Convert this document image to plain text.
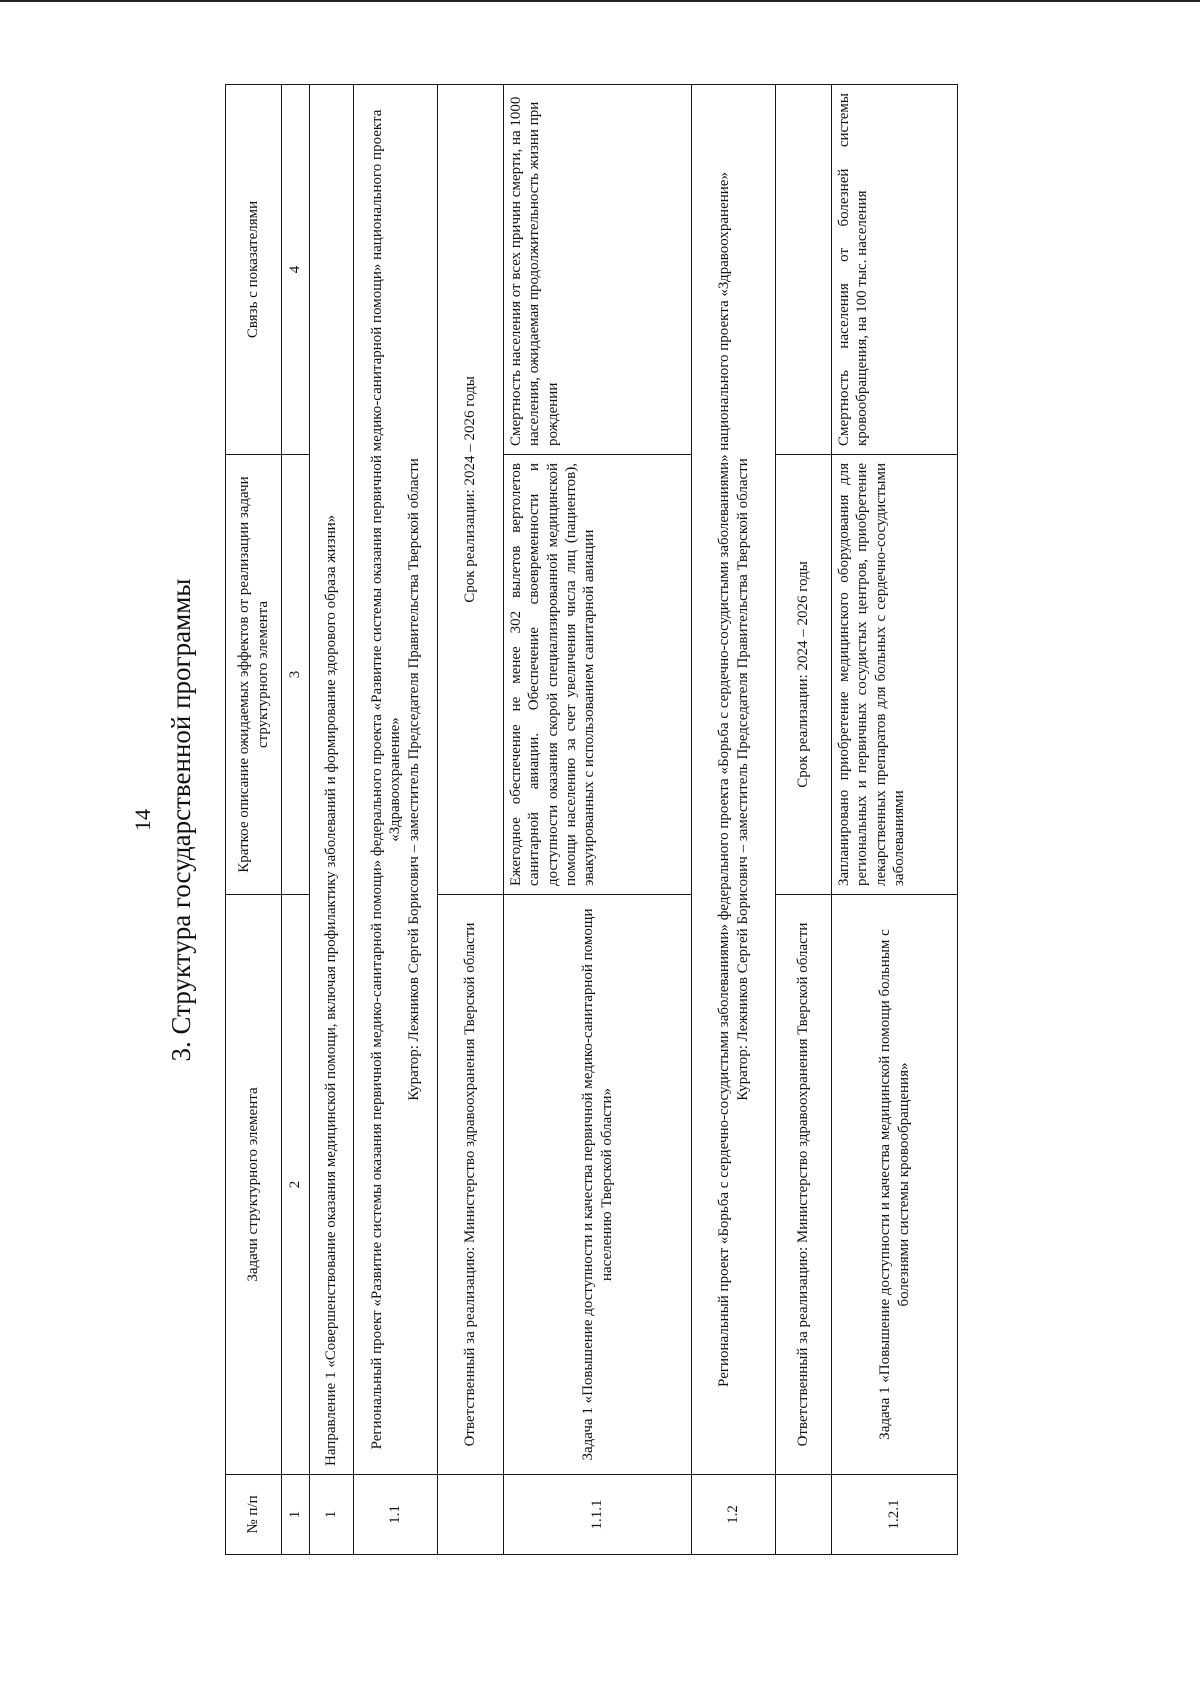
14 3. Структура государственной программы
№ п/п	Задачи структурного элемента	Краткое описание ожидаемых эффектов от реализации задачи структурного элемента	Связь с показателями
1	2	3	4
1	Направление 1 «Совершенствование оказания медицинской помощи, включая профилактику заболеваний и формирование здорового образа жизни»		
1.1	Региональный проект «Развитие системы оказания первичной медико-санитарной помощи» федерального проекта «Развитие системы оказания первичной медико-санитарной помощи» национального проекта «Здравоохранение» Куратор: Лежников Сергей Борисович – заместитель Председателя Правительства Тверской области		

	Ответственный за реализацию: Министерство здравоохранения Тверской области	Срок реализации: 2024 – 2026 годы	
1.1.1	Задача 1 «Повышение доступности и качества первичной медико-санитарной помощи населению Тверской области»	Ежегодное обеспечение не менее 302 вылетов вертолетов санитарной авиации. Обеспечение своевременности и доступности оказания скорой специализированной медицинской помощи населению за счет увеличения числа лиц (пациентов), эвакуированных с использованием санитарной авиации	Смертность населения от всех причин смерти, на 1000 населения, ожидаемая продолжительность жизни при рождении
1.2	Региональный проект «Борьба с сердечно-сосудистыми заболеваниями» федерального проекта «Борьба с сердечно-сосудистыми заболеваниями» национального проекта «Здравоохранение» Куратор: Лежников Сергей Борисович – заместитель Председателя Правительства Тверской области		

	Ответственный за реализацию: Министерство здравоохранения Тверской области	Срок реализации: 2024 – 2026 годы	
1.2.1	Задача 1 «Повышение доступности и качества медицинской помощи больным с болезнями системы кровообращения»	Запланировано приобретение медицинского оборудования для региональных и первичных сосудистых центров, приобретение лекарственных препаратов для больных с сердечно-сосудистыми заболеваниями	Смертность населения от болезней системы кровообращения, на 100 тыс. населения
